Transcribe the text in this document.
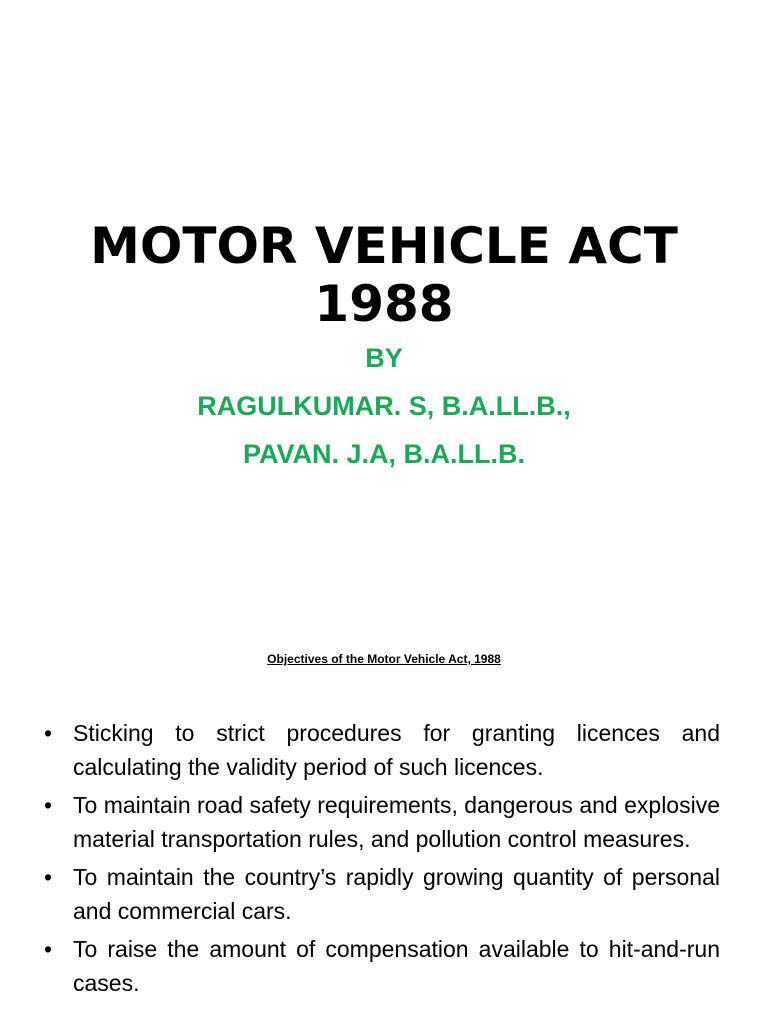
MOTOR VEHICLE ACT
1988
BY
RAGULKUMAR. S, B.A.LL.B.,
PAVAN. J.A, B.A.LL.B.
Objectives of the Motor Vehicle Act, 1988
• Sticking to strict procedures for granting licences and calculating the validity period of such licences.
• To maintain road safety requirements, dangerous and explosive material transportation rules, and pollution control measures.
• To maintain the country’s rapidly growing quantity of personal and commercial cars.
• To raise the amount of compensation available to hit-and-run cases.
